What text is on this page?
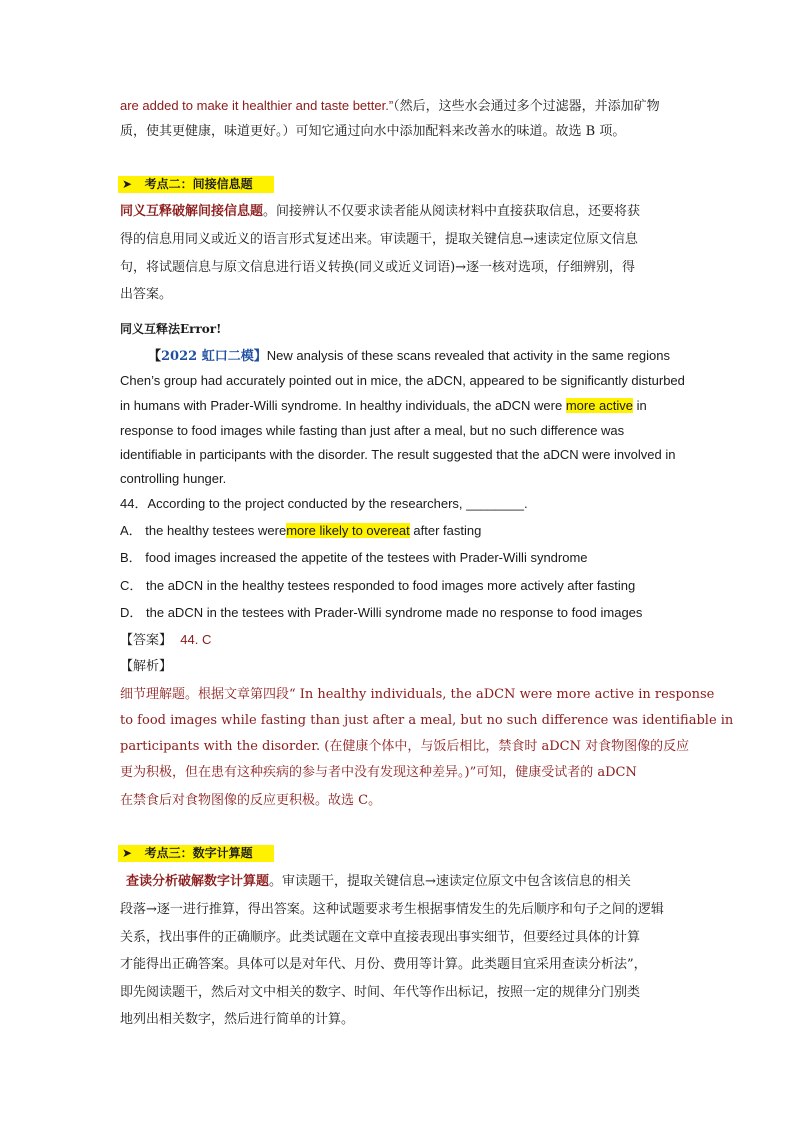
are added to make it healthier and taste better.”（然后，这些水会通过多个过滤器，并添加矿物
质，使其更健康，味道更好。）可知它通过向水中添加配料来改善水的味道。故选 B 项。
➤ 考点二：间接信息题
同义互释破解间接信息题。间接辨认不仅要求读者能从阅读材料中直接获取信息，还要将获
得的信息用同义或近义的语言形式复述出来。审读题干，提取关键信息→速读定位原文信息
句，将试题信息与原文信息进行语义转换(同义或近义词语)→逐一核对选项，仔细辨别，得
出答案。
同义互释法Error!
【2022 虹口二模】New analysis of these scans revealed that activity in the same regions
Chen’s group had accurately pointed out in mice, the aDCN, appeared to be significantly disturbed
in humans with Prader-Willi syndrome. In healthy individuals, the aDCN were more active in
response to food images while fasting than just after a meal, but no such difference was
identifiable in participants with the disorder. The result suggested that the aDCN were involved in
controlling hunger.
44．According to the project conducted by the researchers, ________.
A． the healthy testees weremore likely to overeat after fasting
B． food images increased the appetite of the testees with Prader-Willi syndrome
C． the aDCN in the healthy testees responded to food images more actively after fasting
D． the aDCN in the testees with Prader-Willi syndrome made no response to food images
【答案】 44. C
【解析】
细节理解题。根据文章第四段“ In healthy individuals, the aDCN were more active in response
to food images while fasting than just after a meal, but no such difference was identifiable in
participants with the disorder. (在健康个体中，与饭后相比，禁食时 aDCN 对食物图像的反应
更为积极，但在患有这种疾病的参与者中没有发现这种差异。)”可知，健康受试者的 aDCN
在禁食后对食物图像的反应更积极。故选 C。
➤ 考点三：数字计算题
查读分析破解数字计算题。审读题干，提取关键信息→速读定位原文中包含该信息的相关
段落→逐一进行推算，得出答案。这种试题要求考生根据事情发生的先后顺序和句子之间的逻辑
关系，找出事件的正确顺序。此类试题在文章中直接表现出事实细节，但要经过具体的计算
才能得出正确答案。具体可以是对年代、月份、费用等计算。此类题目宜采用查读分析法”，
即先阅读题干，然后对文中相关的数字、时间、年代等作出标记，按照一定的规律分门别类
地列出相关数字，然后进行简单的计算。
